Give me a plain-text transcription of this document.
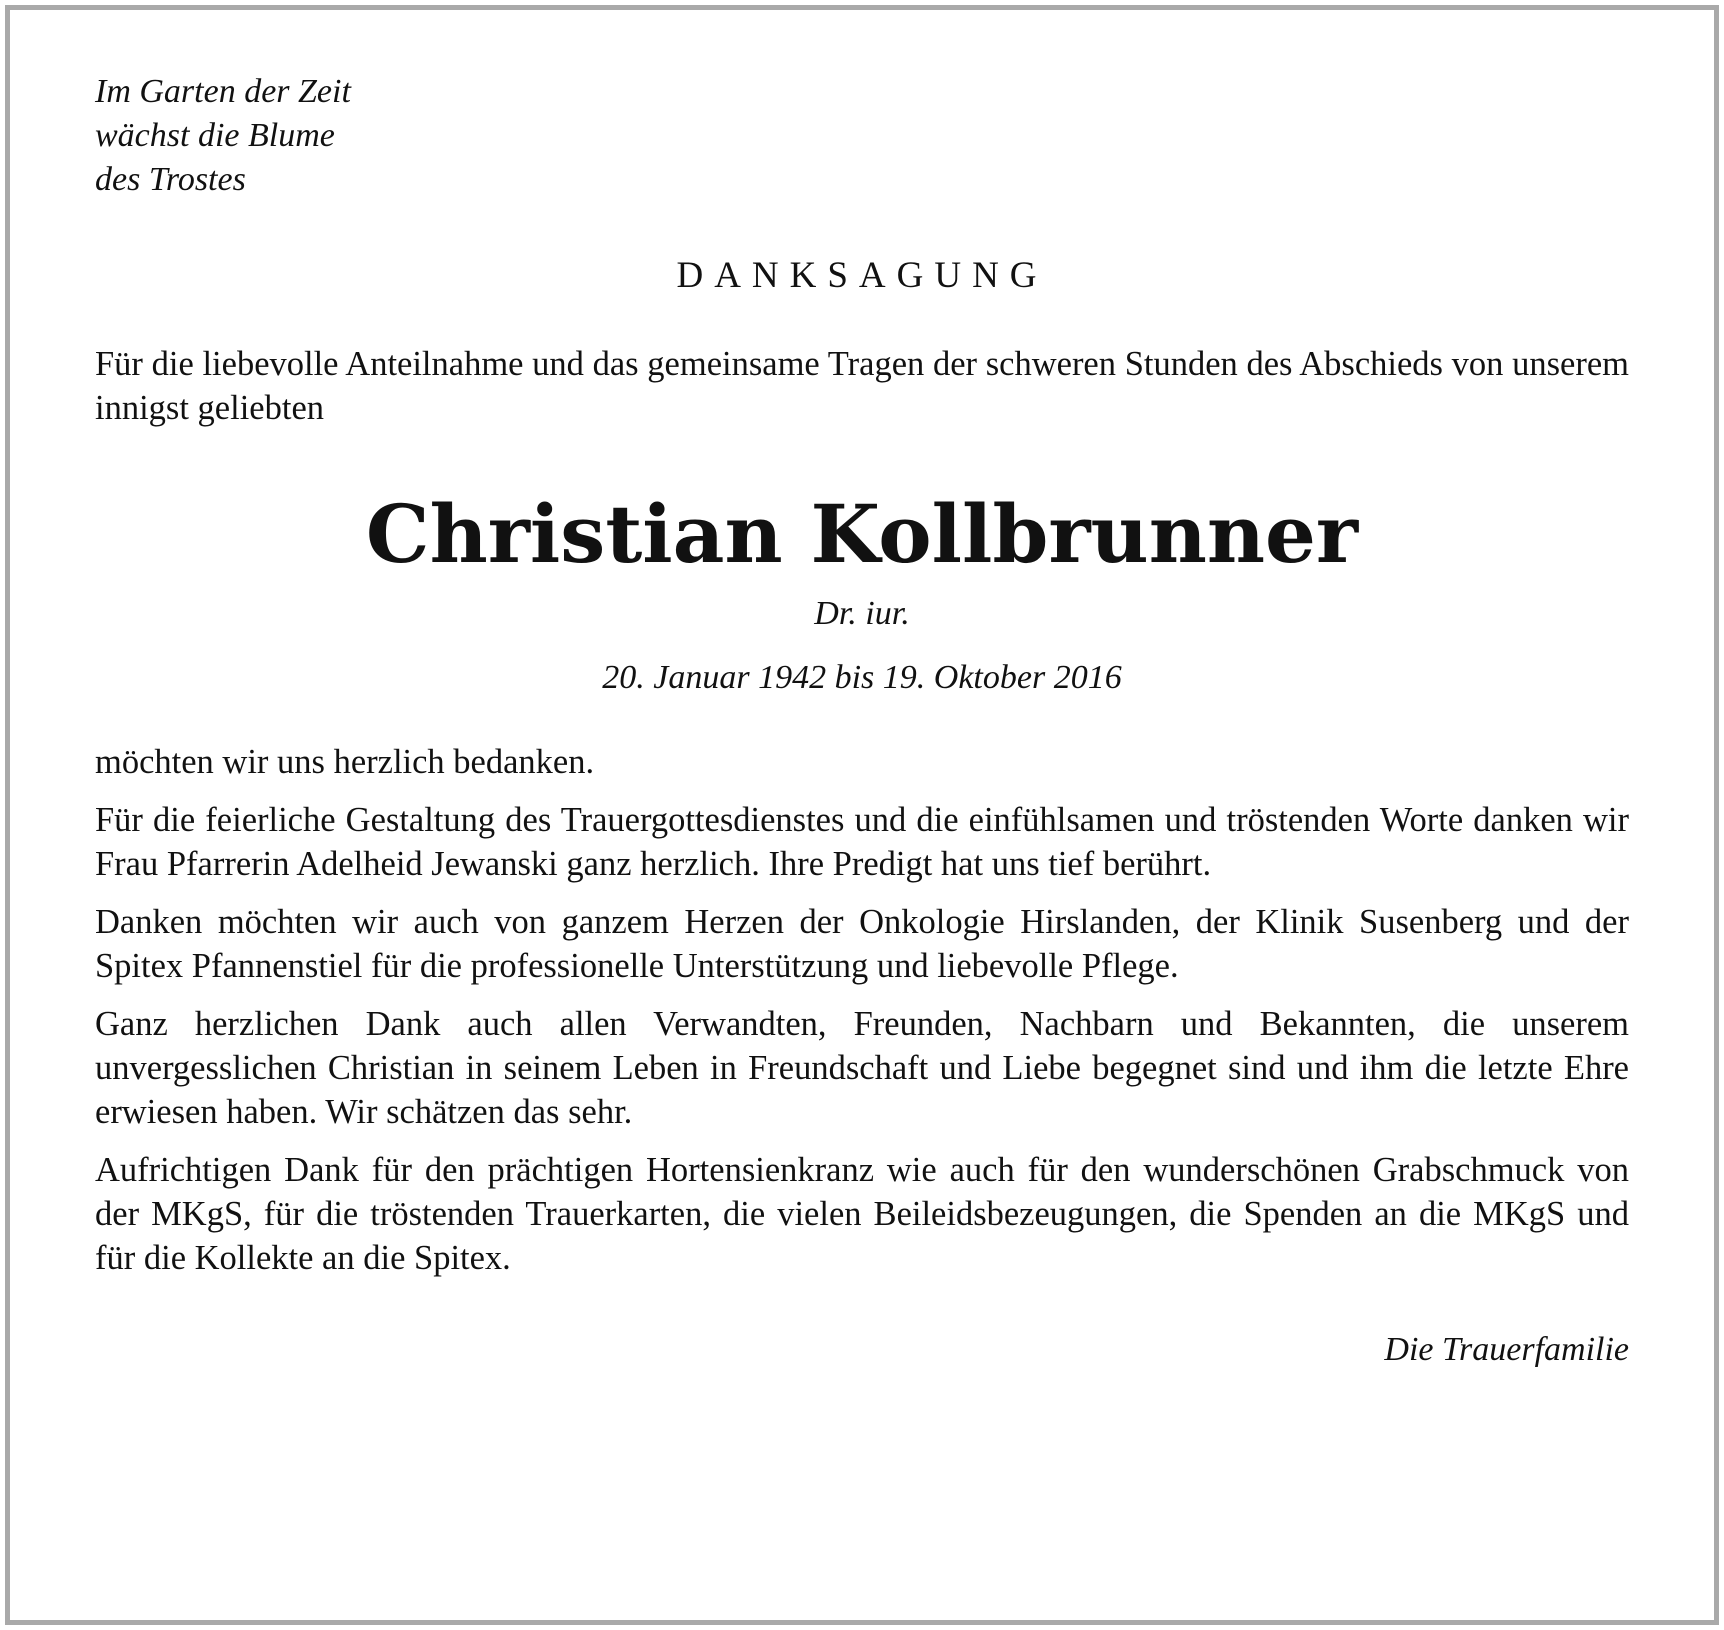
Im Garten der Zeit
wächst die Blume
des Trostes
DANKSAGUNG

Für die liebevolle Anteilnahme und das gemeinsame Tragen der schweren Stunden des Abschieds von unserem innigst geliebten

Christian Kollbrunner
Dr. iur.
20. Januar 1942 bis 19. Oktober 2016

möchten wir uns herzlich bedanken.

Für die feierliche Gestaltung des Trauergottesdienstes und die einfühlsamen und tröstenden Worte danken wir Frau Pfarrerin Adelheid Jewanski ganz herzlich. Ihre Predigt hat uns tief berührt.

Danken möchten wir auch von ganzem Herzen der Onkologie Hirslanden, der Klinik Susenberg und der Spitex Pfannenstiel für die professionelle Unterstützung und liebevolle Pflege.

Ganz herzlichen Dank auch allen Verwandten, Freunden, Nachbarn und Bekannten, die unserem unvergesslichen Christian in seinem Leben in Freundschaft und Liebe begegnet sind und ihm die letzte Ehre erwiesen haben. Wir schätzen das sehr.

Aufrichtigen Dank für den prächtigen Hortensienkranz wie auch für den wunderschönen Grabschmuck von der MKgS, für die tröstenden Trauerkarten, die vielen Beileidsbezeugungen, die Spenden an die MKgS und für die Kollekte an die Spitex.

Die Trauerfamilie
